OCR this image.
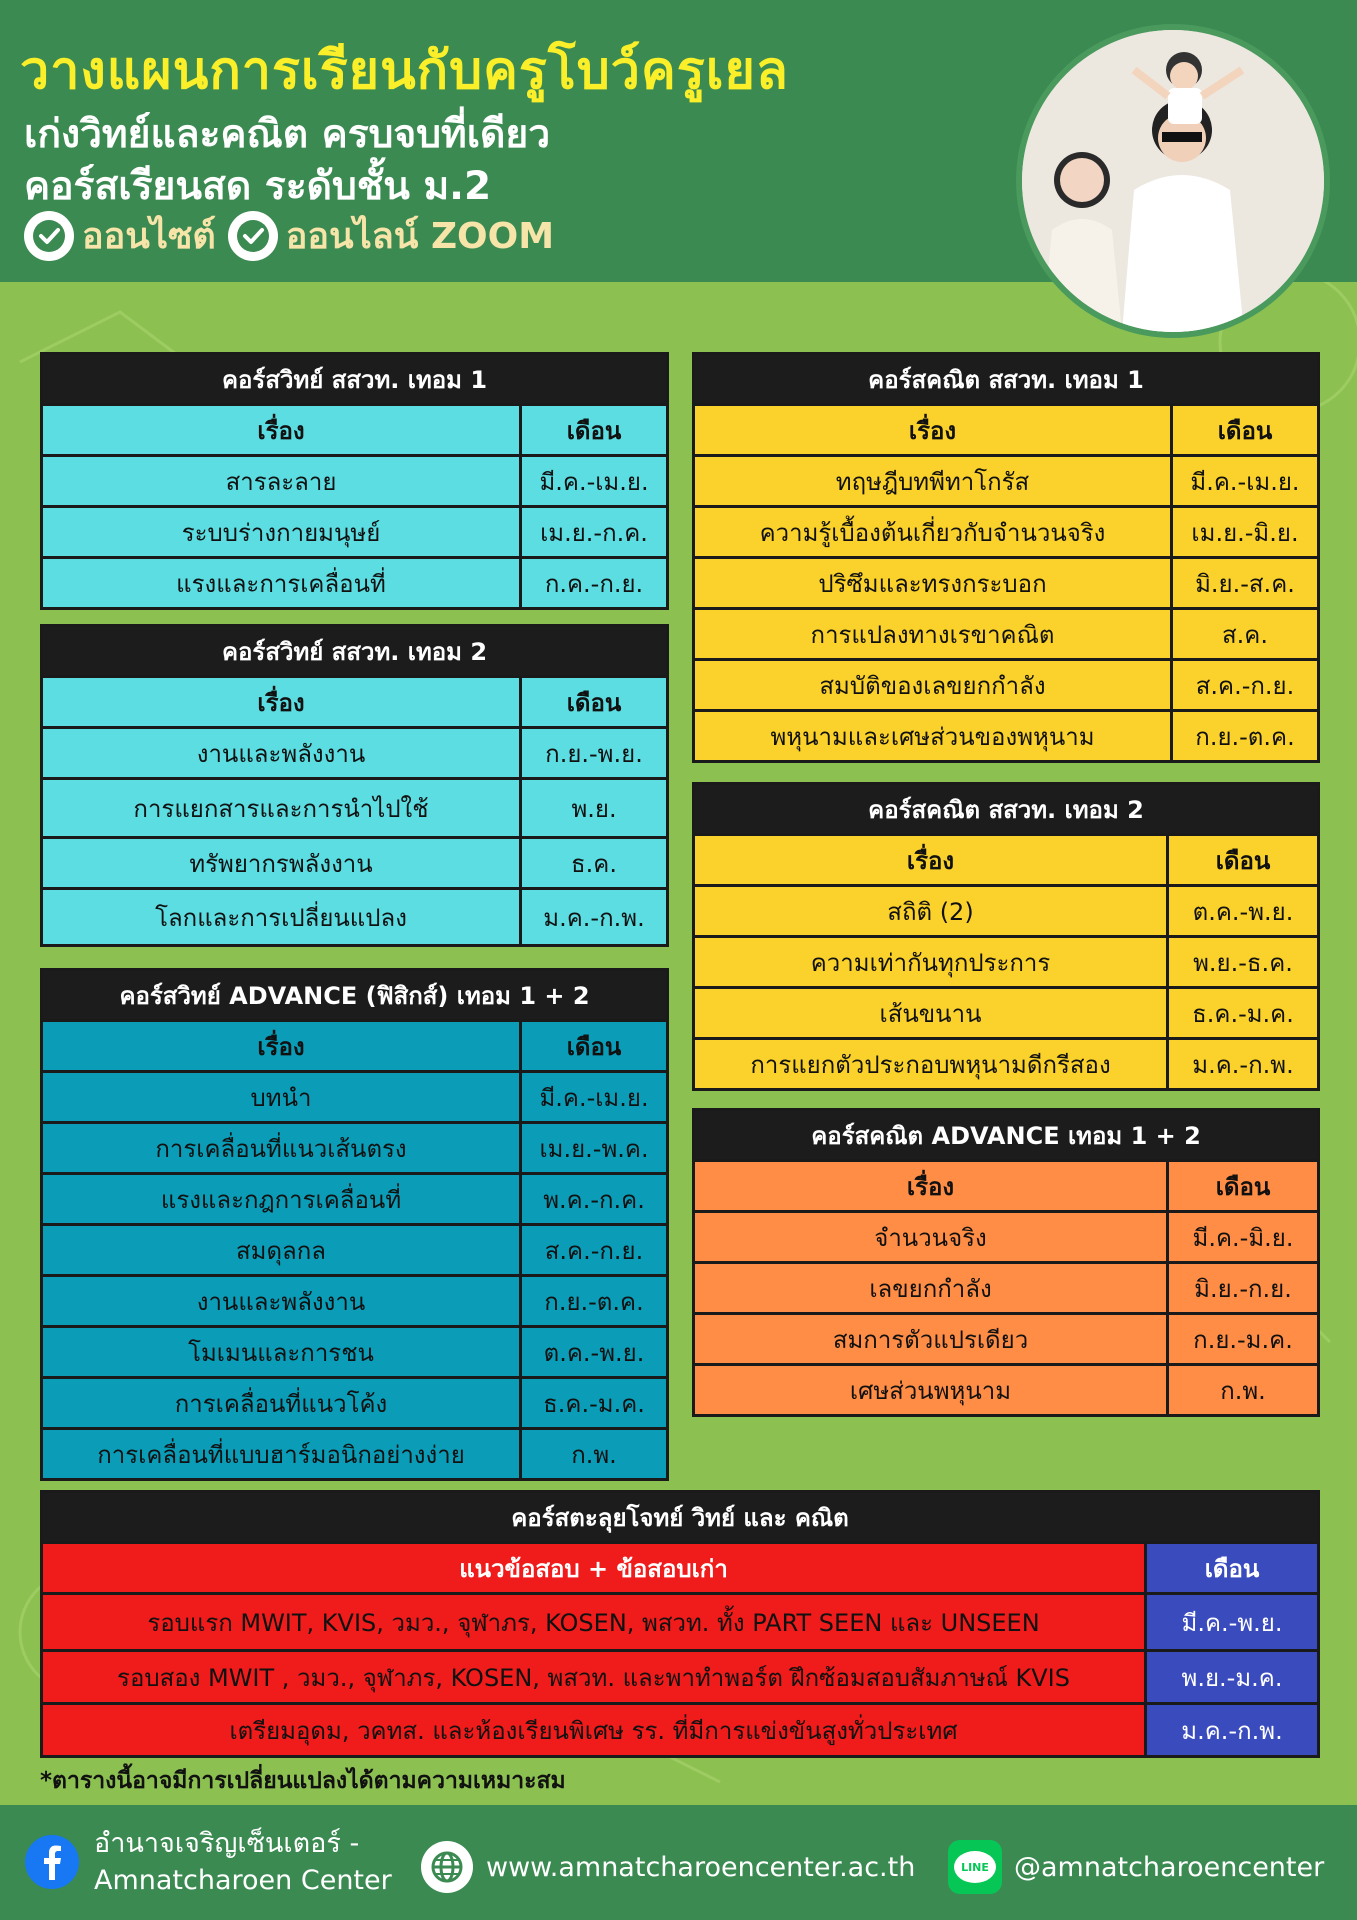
วางแผนการเรียนกับครูโบว์ครูเยล
เก่งวิทย์และคณิต ครบจบที่เดียว
คอร์สเรียนสด ระดับชั้น ม.2
ออนไซต์ ออนไลน์ ZOOM
คอร์สวิทย์ สสวท. เทอม 1	
เรื่อง	เดือน
สารละลาย	มี.ค.-เม.ย.
ระบบร่างกายมนุษย์	เม.ย.-ก.ค.
แรงและการเคลื่อนที่	ก.ค.-ก.ย.
คอร์สวิทย์ สสวท. เทอม 2	
เรื่อง	เดือน
งานและพลังงาน	ก.ย.-พ.ย.
การแยกสารและการนำไปใช้	พ.ย.
ทรัพยากรพลังงาน	ธ.ค.
โลกและการเปลี่ยนแปลง	ม.ค.-ก.พ.
คอร์สวิทย์ ADVANCE (ฟิสิกส์) เทอม 1 + 2	
เรื่อง	เดือน
บทนำ	มี.ค.-เม.ย.
การเคลื่อนที่แนวเส้นตรง	เม.ย.-พ.ค.
แรงและกฎการเคลื่อนที่	พ.ค.-ก.ค.
สมดุลกล	ส.ค.-ก.ย.
งานและพลังงาน	ก.ย.-ต.ค.
โมเมนและการชน	ต.ค.-พ.ย.
การเคลื่อนที่แนวโค้ง	ธ.ค.-ม.ค.
การเคลื่อนที่แบบฮาร์มอนิกอย่างง่าย	ก.พ.
คอร์สคณิต สสวท. เทอม 1	
เรื่อง	เดือน
ทฤษฎีบทพีทาโกรัส	มี.ค.-เม.ย.
ความรู้เบื้องต้นเกี่ยวกับจำนวนจริง	เม.ย.-มิ.ย.
ปริซึมและทรงกระบอก	มิ.ย.-ส.ค.
การแปลงทางเรขาคณิต	ส.ค.
สมบัติของเลขยกกำลัง	ส.ค.-ก.ย.
พหุนามและเศษส่วนของพหุนาม	ก.ย.-ต.ค.
คอร์สคณิต สสวท. เทอม 2	
เรื่อง	เดือน
สถิติ (2)	ต.ค.-พ.ย.
ความเท่ากันทุกประการ	พ.ย.-ธ.ค.
เส้นขนาน	ธ.ค.-ม.ค.
การแยกตัวประกอบพหุนามดีกรีสอง	ม.ค.-ก.พ.
คอร์สคณิต ADVANCE เทอม 1 + 2	
เรื่อง	เดือน
จำนวนจริง	มี.ค.-มิ.ย.
เลขยกกำลัง	มิ.ย.-ก.ย.
สมการตัวแปรเดียว	ก.ย.-ม.ค.
เศษส่วนพหุนาม	ก.พ.
คอร์สตะลุยโจทย์ วิทย์ และ คณิต	
แนวข้อสอบ + ข้อสอบเก่า	เดือน
รอบแรก MWIT, KVIS, วมว., จุฬาภร, KOSEN, พสวท. ทั้ง PART SEEN และ UNSEEN	มี.ค.-พ.ย.
รอบสอง MWIT , วมว., จุฬาภร, KOSEN, พสวท. และพาทำพอร์ต ฝึกซ้อมสอบสัมภาษณ์ KVIS	พ.ย.-ม.ค.
เตรียมอุดม, วคทส. และห้องเรียนพิเศษ รร. ที่มีการแข่งขันสูงทั่วประเทศ	ม.ค.-ก.พ.
*ตารางนี้อาจมีการเปลี่ยนแปลงได้ตามความเหมาะสม
อำนาจเจริญเซ็นเตอร์ -
Amnatcharoen Center	www.amnatcharoencenter.ac.th	LINE @amnatcharoencenter
